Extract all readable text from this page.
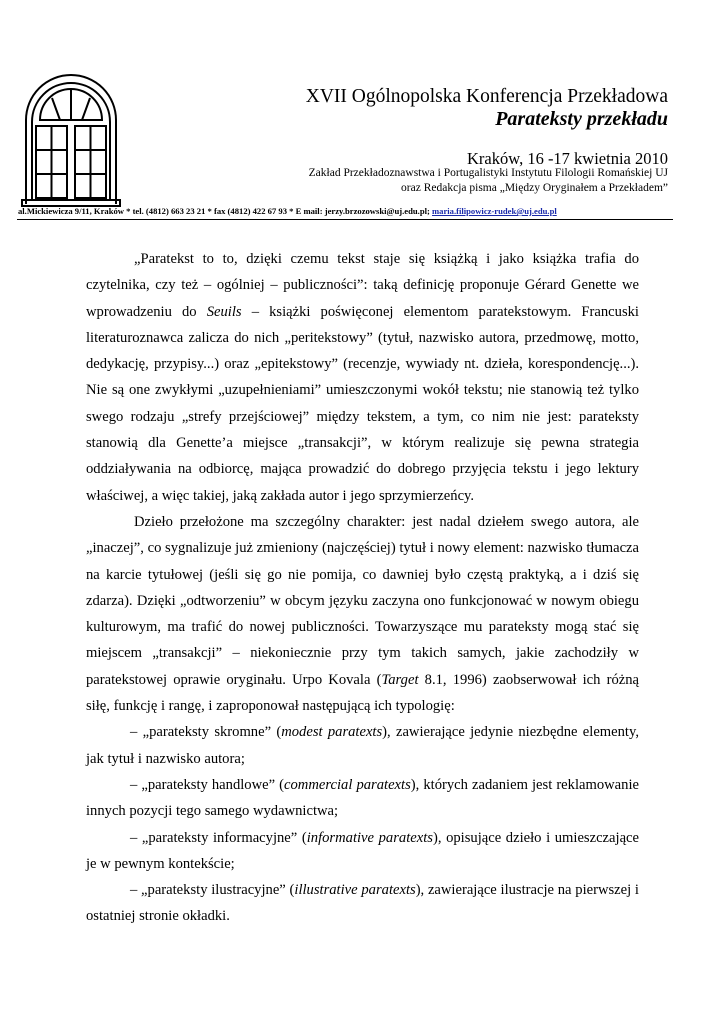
XVII Ogólnopolska Konferencja Przekładowa
Parateksty przekładu
Kraków, 16 -17 kwietnia 2010
Zakład Przekładoznawstwa i Portugalistyki Instytutu Filologii Romańskiej UJ
oraz Redakcja pisma „Między Oryginałem a Przekładem”
al.Mickiewicza 9/11, Kraków * tel. (4812) 663 23 21 * fax (4812) 422 67 93 * E mail: jerzy.brzozowski@uj.edu.pl; maria.filipowicz-rudek@uj.edu.pl

„Paratekst to to, dzięki czemu tekst staje się książką i jako książka trafia do czytelnika, czy też – ogólniej – publiczności”: taką definicję proponuje Gérard Genette we wprowadzeniu do Seuils – książki poświęconej elementom paratekstowym. Francuski literaturoznawca zalicza do nich „peritekstowy” (tytuł, nazwisko autora, przedmowę, motto, dedykację, przypisy...) oraz „epitekstowy” (recenzje, wywiady nt. dzieła, korespondencję...). Nie są one zwykłymi „uzupełnieniami” umieszczonymi wokół tekstu; nie stanowią też tylko swego rodzaju „strefy przejściowej” między tekstem, a tym, co nim nie jest: parateksty stanowią dla Genette’a miejsce „transakcji”, w którym realizuje się pewna strategia oddziaływania na odbiorcę, mająca prowadzić do dobrego przyjęcia tekstu i jego lektury właściwej, a więc takiej, jaką zakłada autor i jego sprzymierzeńcy.

Dzieło przełożone ma szczególny charakter: jest nadal dziełem swego autora, ale „inaczej”, co sygnalizuje już zmieniony (najczęściej) tytuł i nowy element: nazwisko tłumacza na karcie tytułowej (jeśli się go nie pomija, co dawniej było częstą praktyką, a i dziś się zdarza). Dzięki „odtworzeniu” w obcym języku zaczyna ono funkcjonować w nowym obiegu kulturowym, ma trafić do nowej publiczności. Towarzyszące mu parateksty mogą stać się miejscem „transakcji” – niekoniecznie przy tym takich samych, jakie zachodziły w paratekstowej oprawie oryginału. Urpo Kovala (Target 8.1, 1996) zaobserwował ich różną siłę, funkcję i rangę, i zaproponował następującą ich typologię:

– „parateksty skromne” (modest paratexts), zawierające jedynie niezbędne elementy, jak tytuł i nazwisko autora;

– „parateksty handlowe” (commercial paratexts), których zadaniem jest reklamowanie innych pozycji tego samego wydawnictwa;

– „parateksty informacyjne” (informative paratexts), opisujące dzieło i umieszczające je w pewnym kontekście;

– „parateksty ilustracyjne” (illustrative paratexts), zawierające ilustracje na pierwszej i ostatniej stronie okładki.
